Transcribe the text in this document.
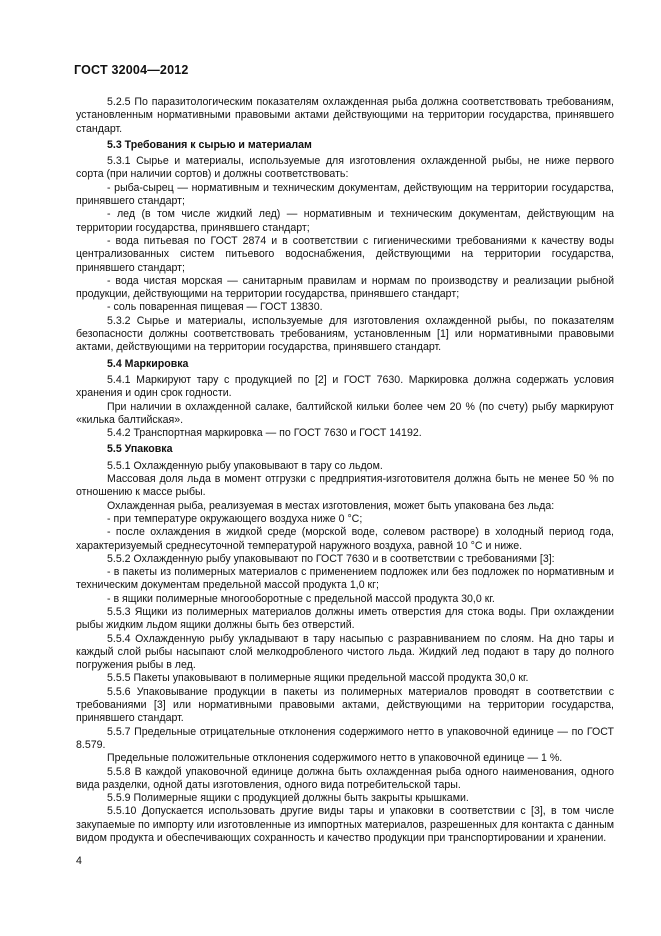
ГОСТ 32004—2012
5.2.5 По паразитологическим показателям охлажденная рыба должна соответствовать требованиям, установленным нормативными правовыми актами действующими на территории государства, принявшего стандарт.
5.3 Требования к сырью и материалам
5.3.1 Сырье и материалы, используемые для изготовления охлажденной рыбы, не ниже первого сорта (при наличии сортов) и должны соответствовать:
- рыба-сырец — нормативным и техническим документам, действующим на территории государства, принявшего стандарт;
- лед (в том числе жидкий лед) — нормативным и техническим документам, действующим на территории государства, принявшего стандарт;
- вода питьевая по ГОСТ 2874 и в соответствии с гигиеническими требованиями к качеству воды централизованных систем питьевого водоснабжения, действующими на территории государства, принявшего стандарт;
- вода чистая морская — санитарным правилам и нормам по производству и реализации рыбной продукции, действующими на территории государства, принявшего стандарт;
- соль поваренная пищевая — ГОСТ 13830.
5.3.2 Сырье и материалы, используемые для изготовления охлажденной рыбы, по показателям безопасности должны соответствовать требованиям, установленным [1] или нормативными правовыми актами, действующими на территории государства, принявшего стандарт.
5.4 Маркировка
5.4.1 Маркируют тару с продукцией по [2] и ГОСТ 7630. Маркировка должна содержать условия хранения и один срок годности.
При наличии в охлажденной салаке, балтийской кильки более чем 20 % (по счету) рыбу маркируют «килька балтийская».
5.4.2 Транспортная маркировка — по ГОСТ 7630 и ГОСТ 14192.
5.5 Упаковка
5.5.1 Охлажденную рыбу упаковывают в тару со льдом.
Массовая доля льда в момент отгрузки с предприятия-изготовителя должна быть не менее 50 % по отношению к массе рыбы.
Охлажденная рыба, реализуемая в местах изготовления, может быть упакована без льда:
- при температуре окружающего воздуха ниже 0 °С;
- после охлаждения в жидкой среде (морской воде, солевом растворе) в холодный период года, характеризуемый среднесуточной температурой наружного воздуха, равной 10 °С и ниже.
5.5.2 Охлажденную рыбу упаковывают по ГОСТ 7630 и в соответствии с требованиями [3]:
- в пакеты из полимерных материалов с применением подложек или без подложек по нормативным и техническим документам предельной массой продукта 1,0 кг;
- в ящики полимерные многооборотные с предельной массой продукта 30,0 кг.
5.5.3 Ящики из полимерных материалов должны иметь отверстия для стока воды. При охлаждении рыбы жидким льдом ящики должны быть без отверстий.
5.5.4 Охлажденную рыбу укладывают в тару насыпью с разравниванием по слоям. На дно тары и каждый слой рыбы насыпают слой мелкодробленого чистого льда. Жидкий лед подают в тару до полного погружения рыбы в лед.
5.5.5 Пакеты упаковывают в полимерные ящики предельной массой продукта 30,0 кг.
5.5.6 Упаковывание продукции в пакеты из полимерных материалов проводят в соответствии с требованиями [3] или нормативными правовыми актами, действующими на территории государства, принявшего стандарт.
5.5.7 Предельные отрицательные отклонения содержимого нетто в упаковочной единице — по ГОСТ 8.579.
Предельные положительные отклонения содержимого нетто в упаковочной единице — 1 %.
5.5.8 В каждой упаковочной единице должна быть охлажденная рыба одного наименования, одного вида разделки, одной даты изготовления, одного вида потребительской тары.
5.5.9 Полимерные ящики с продукцией должны быть закрыты крышками.
5.5.10 Допускается использовать другие виды тары и упаковки в соответствии с [3], в том числе закупаемые по импорту или изготовленные из импортных материалов, разрешенных для контакта с данным видом продукта и обеспечивающих сохранность и качество продукции при транспортировании и хранении.
4
